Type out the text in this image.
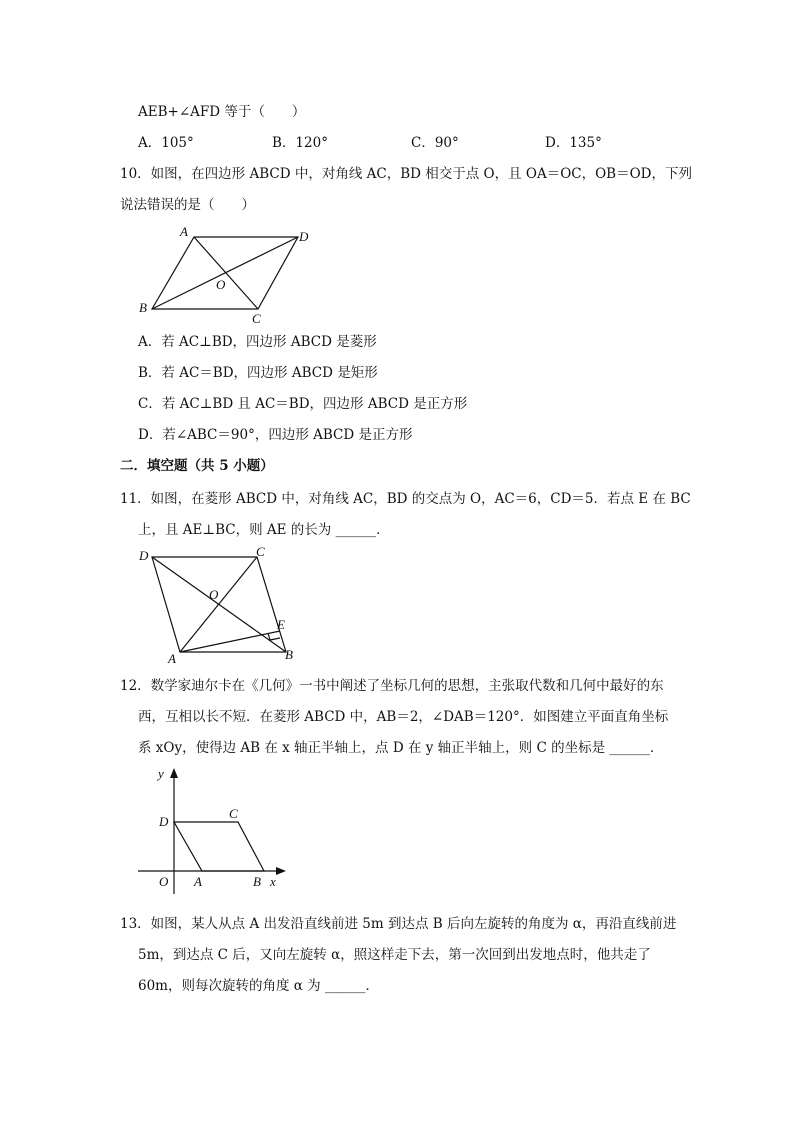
AEB+∠AFD 等于（　　）
A．105°	B．120°	C．90°	D．135°
10．如图，在四边形 ABCD 中，对角线 AC，BD 相交于点 O，且 OA＝OC，OB＝OD，下列
说法错误的是（　　）
A	D
B
C
O
A．若 AC⊥BD，四边形 ABCD 是菱形
B．若 AC＝BD，四边形 ABCD 是矩形
C．若 AC⊥BD 且 AC＝BD，四边形 ABCD 是正方形
D．若∠ABC＝90°，四边形 ABCD 是正方形
二．填空题（共 5 小题）
11．如图，在菱形 ABCD 中，对角线 AC，BD 的交点为 O，AC＝6，CD＝5．若点 E 在 BC
上，且 AE⊥BC，则 AE 的长为 ______．
D	C
O
E
A	B
12．数学家迪尔卡在《几何》一书中阐述了坐标几何的思想，主张取代数和几何中最好的东
西，互相以长不短．在菱形 ABCD 中，AB＝2，∠DAB＝120°．如图建立平面直角坐标
系 xOy，使得边 AB 在 x 轴正半轴上，点 D 在 y 轴正半轴上，则 C 的坐标是 ______．
y
D
C
O A	B x
13．如图，某人从点 A 出发沿直线前进 5m 到达点 B 后向左旋转的角度为 α，再沿直线前进
5m，到达点 C 后，又向左旋转 α，照这样走下去，第一次回到出发地点时，他共走了
60m，则每次旋转的角度 α 为 ______．
